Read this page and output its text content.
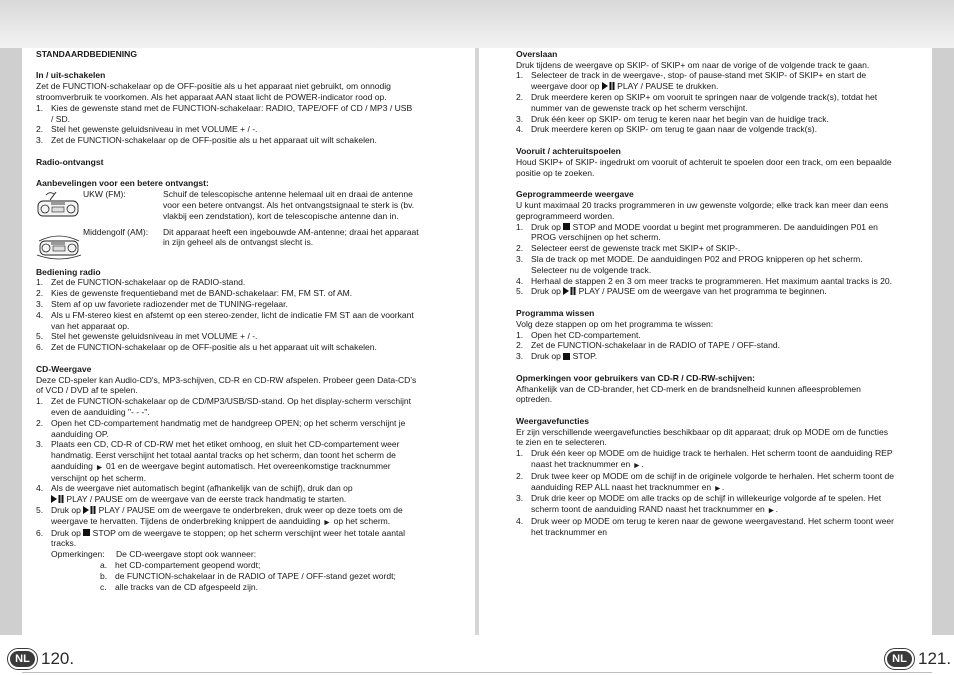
STANDAARDBEDIENING

In / uit-schakelen

Zet de FUNCTION-schakelaar op de OFF-positie als u het apparaat niet gebruikt, om onnodig

stroomverbruik te voorkomen. Als het apparaat AAN staat licht de POWER-indicator rood op.

1. Kies de gewenste stand met de FUNCTION-schakelaar: RADIO, TAPE/OFF of CD / MP3 / USB
/ SD.
2. Stel het gewenste geluidsniveau in met VOLUME + / -.
3. Zet de FUNCTION-schakelaar op de OFF-positie als u het apparaat uit wilt schakelen.

Radio-ontvangst

Aanbevelingen voor een betere ontvangst:

UKW (FM):	Schuif de telescopische antenne helemaal uit en draai de antenne
voor een betere ontvangst. Als het ontvangstsignaal te sterk is (bv.
vlakbij een zendstation), kort de telescopische antenne dan in.
Middengolf (AM): Dit apparaat heeft een ingebouwde AM-antenne; draai het apparaat
in zijn geheel als de ontvangst slecht is.

Bediening radio

1. Zet de FUNCTION-schakelaar op de RADIO-stand.
2. Kies de gewenste frequentieband met de BAND-schakelaar: FM, FM ST. of AM.
3. Stem af op uw favoriete radiozender met de TUNING-regelaar.
4. Als u FM-stereo kiest en afstemt op een stereo-zender, licht de indicatie FM ST aan de voorkant
van het apparaat op.
5. Stel het gewenste geluidsniveau in met VOLUME + / -.
6. Zet de FUNCTION-schakelaar op de OFF-positie als u het apparaat uit wilt schakelen.

CD-Weergave

Deze CD-speler kan Audio-CD's, MP3-schijven, CD-R en CD-RW afspelen. Probeer geen Data-CD's

of VCD / DVD af te spelen.

1. Zet de FUNCTION-schakelaar op de CD/MP3/USB/SD-stand. Op het display-scherm verschijnt
even de aanduiding "- - -".
2. Open het CD-compartement handmatig met de handgreep OPEN; op het scherm verschijnt je
aanduiding OP.
3. Plaats een CD, CD-R of CD-RW met het etiket omhoog, en sluit het CD-compartement weer
handmatig. Eerst verschijnt het totaal aantal tracks op het scherm, dan toont het scherm de
aanduiding ► 01 en de weergave begint automatisch. Het overeenkomstige tracknummer
verschijnt op het scherm.
4. Als de weergave niet automatisch begint (afhankelijk van de schijf), druk dan op
PLAY / PAUSE om de weergave van de eerste track handmatig te starten.
5. Druk op  PLAY / PAUSE om de weergave te onderbreken, druk weer op deze toets om de
weergave te hervatten. Tijdens de onderbreking knippert de aanduiding ► op het scherm.
6. Druk op  STOP om de weergave te stoppen; op het scherm verschijnt weer het totale aantal
tracks.
Opmerkingen: De CD-weergave stopt ook wanneer:
a. het CD-compartement geopend wordt;
b. de FUNCTION-schakelaar in de RADIO of TAPE / OFF-stand gezet wordt;
c. alle tracks van de CD afgespeeld zijn.

Overslaan

Druk tijdens de weergave op SKIP- of SKIP+ om naar de vorige of de volgende track te gaan.

1. Selecteer de track in de weergave-, stop- of pause-stand met SKIP- of SKIP+ en start de
weergave door op  PLAY / PAUSE te drukken.
2. Druk meerdere keren op SKIP+ om vooruit te springen naar de volgende track(s), totdat het
nummer van de gewenste track op het scherm verschijnt.
3. Druk één keer op SKIP- om terug te keren naar het begin van de huidige track.
4. Druk meerdere keren op SKIP- om terug te gaan naar de volgende track(s).

Vooruit / achteruitspoelen

Houd SKIP+ of SKIP- ingedrukt om vooruit of achteruit te spoelen door een track, om een bepaalde

positie op te zoeken.

Geprogrammeerde weergave

U kunt maximaal 20 tracks programmeren in uw gewenste volgorde; elke track kan meer dan eens

geprogrammeerd worden.

1. Druk op  STOP and MODE voordat u begint met programmeren. De aanduidingen P01 en
PROG verschijnen op het scherm.
2. Selecteer eerst de gewenste track met SKIP+ of SKIP-.
3. Sla de track op met MODE. De aanduidingen P02 and PROG knipperen op het scherm.
Selecteer nu de volgende track.
4. Herhaal de stappen 2 en 3 om meer tracks te programmeren. Het maximum aantal tracks is 20.
5. Druk op  PLAY / PAUSE om de weergave van het programma te beginnen.

Programma wissen

Volg deze stappen op om het programma te wissen:

1. Open het CD-compartement.
2. Zet de FUNCTION-schakelaar in de RADIO of TAPE / OFF-stand.
3. Druk op  STOP.

Opmerkingen voor gebruikers van CD-R / CD-RW-schijven:

Afhankelijk van de CD-brander, het CD-merk en de brandsnelheid kunnen afleesproblemen

optreden.

Weergavefuncties

Er zijn verschillende weergavefuncties beschikbaar op dit apparaat; druk op MODE om de functies

te zien en te selecteren.

1. Druk één keer op MODE om de huidige track te herhalen. Het scherm toont de aanduiding REP
naast het tracknummer en ►.
2. Druk twee keer op MODE om de schijf in de originele volgorde te herhalen. Het scherm toont de
aanduiding REP ALL naast het tracknummer en ►.
3. Druk drie keer op MODE om alle tracks op de schijf in willekeurige volgorde af te spelen. Het
scherm toont de aanduiding RAND naast het tracknummer en ►.
4. Druk weer op MODE om terug te keren naar de gewone weergavestand. Het scherm toont weer
het tracknummer en
NL 120.	NL 121.
